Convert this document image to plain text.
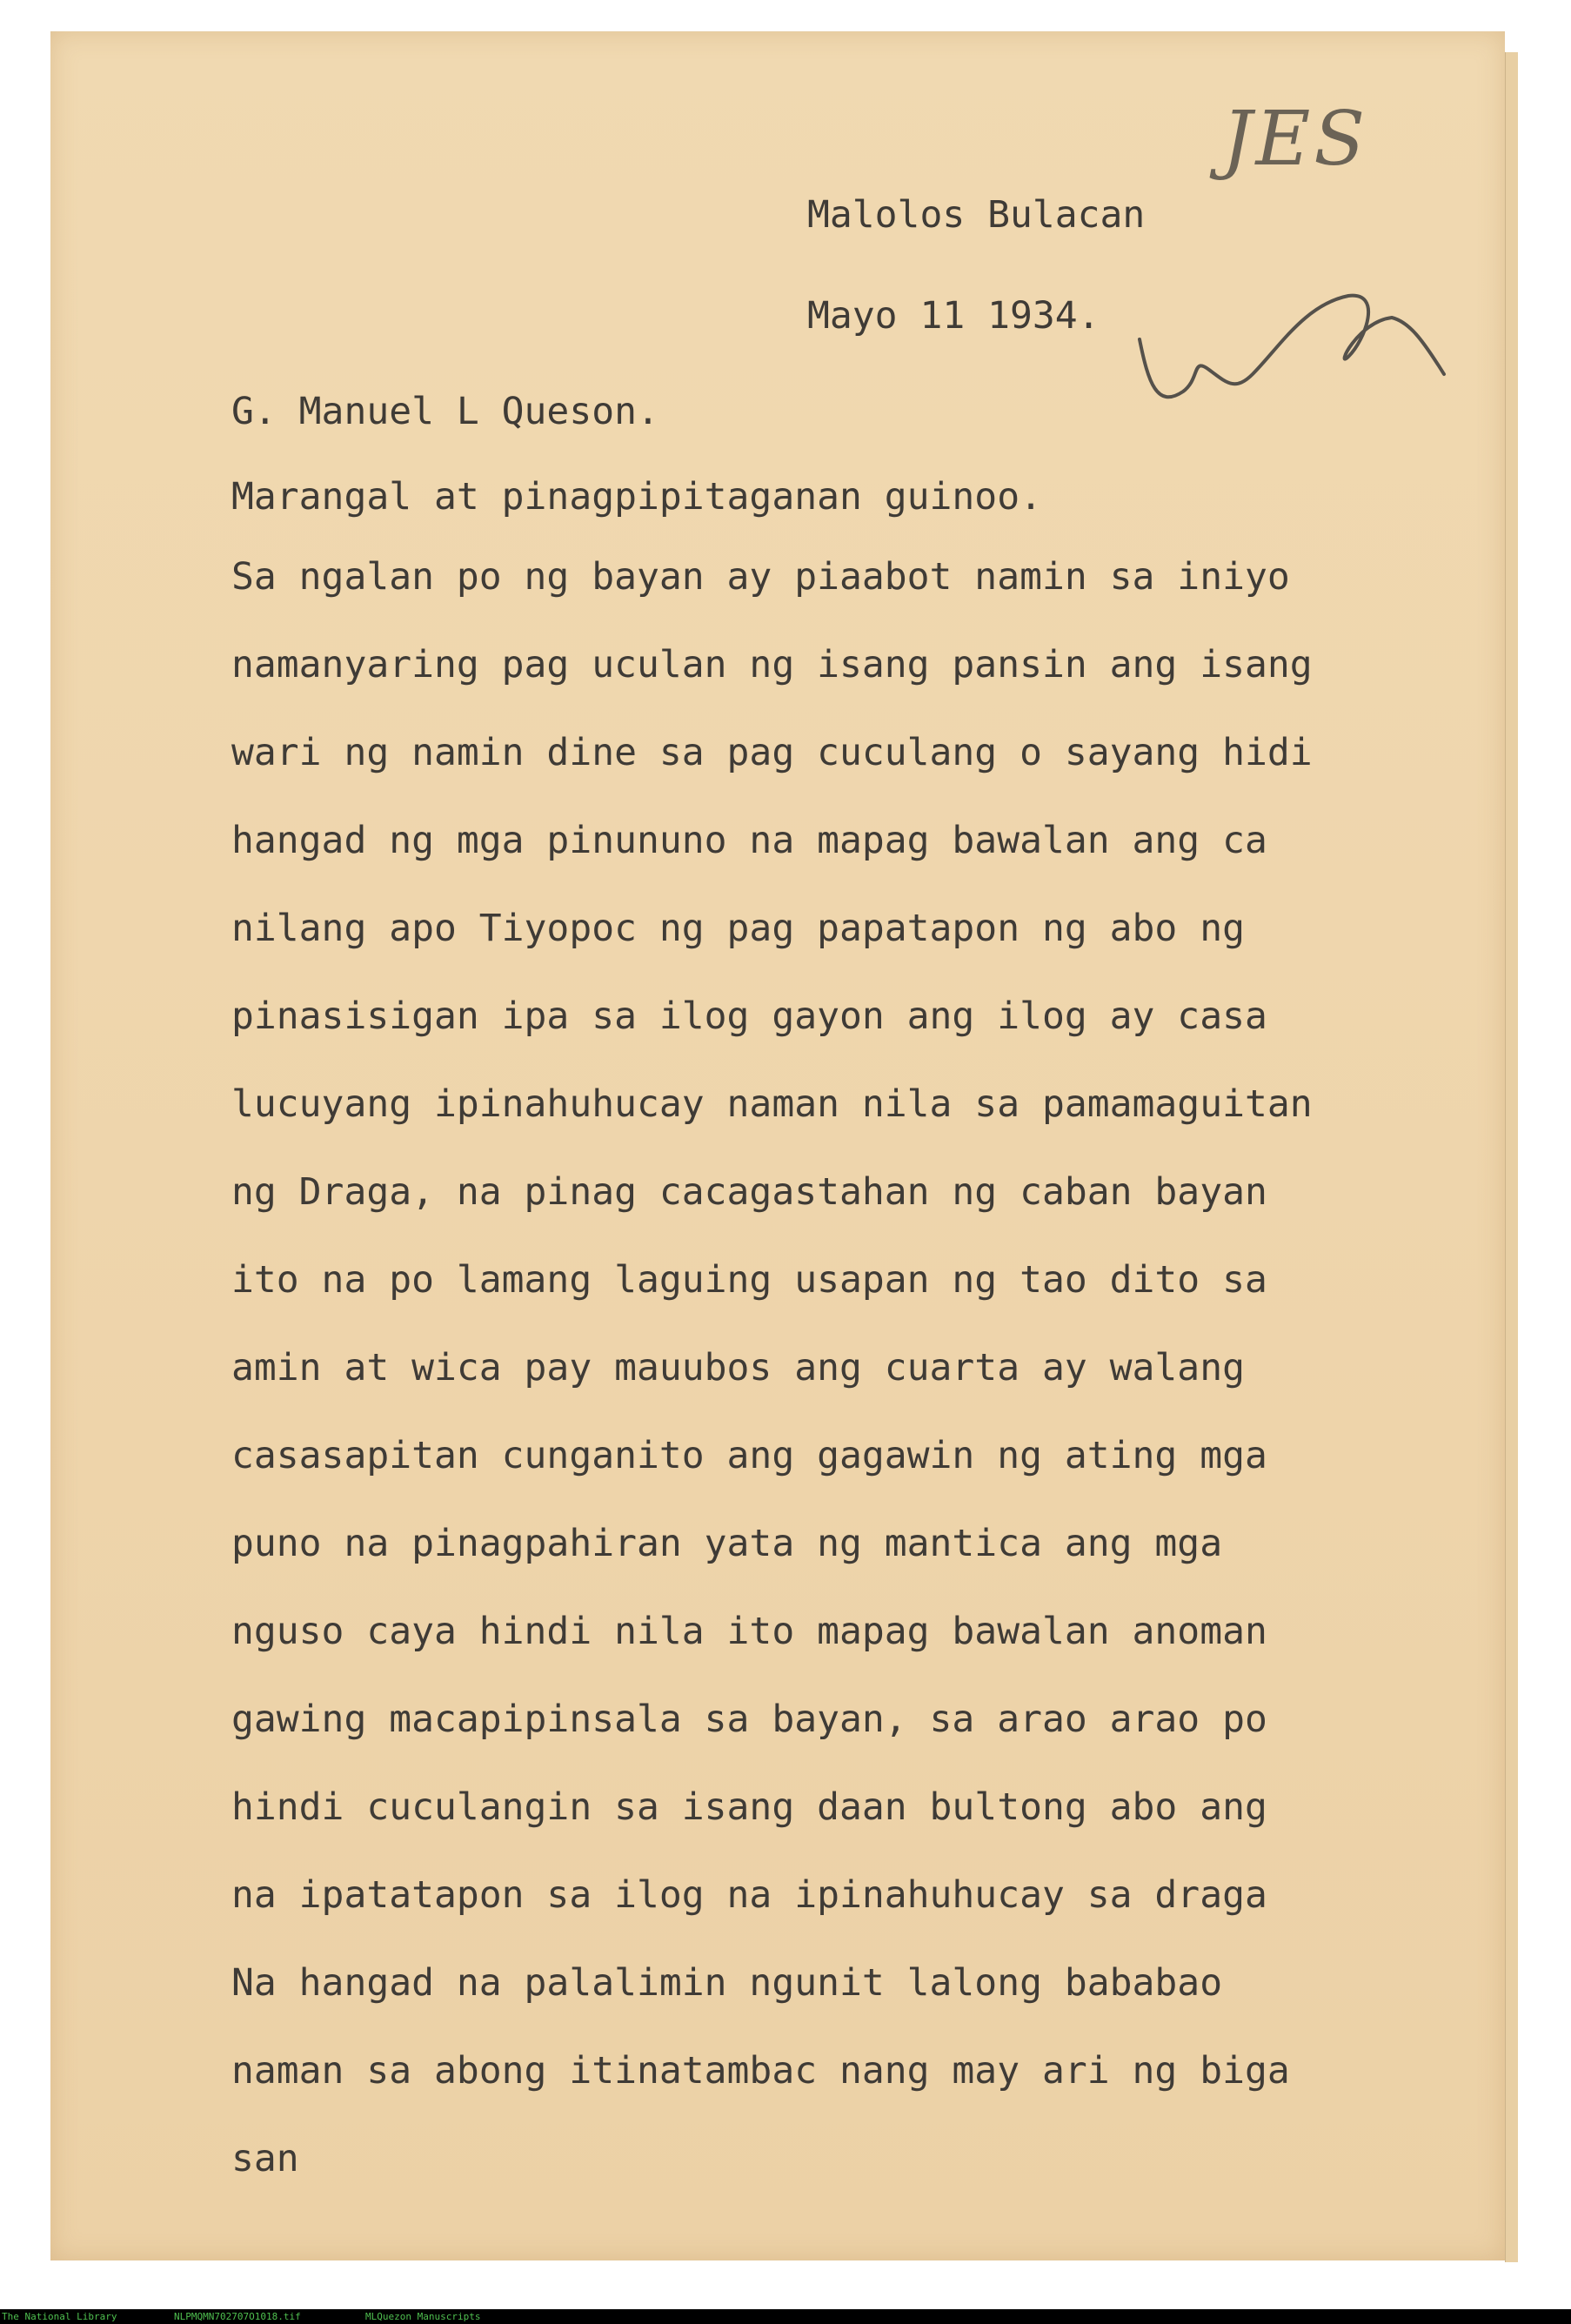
JES
Malolos Bulacan
Mayo 11 1934.
G. Manuel L Queson.
Marangal at pinagpipitaganan guinoo.
Sa ngalan po ng bayan ay piaabot namin sa iniyo
namanyaring pag uculan ng isang pansin ang isang
wari ng namin dine sa pag cuculang o sayang hidi
hangad ng mga pinununo na mapag bawalan ang ca
nilang apo Tiyopoc ng pag papatapon ng abo ng
pinasisigan ipa sa ilog gayon ang ilog ay casa
lucuyang ipinahuhucay naman nila sa pamamaguitan
ng Draga, na pinag cacagastahan ng caban bayan
ito na po lamang laguing usapan ng tao dito sa
amin at wica pay mauubos ang cuarta ay walang
casasapitan cunganito ang gagawin ng ating mga
puno na pinagpahiran yata ng mantica ang mga
nguso caya hindi nila ito mapag bawalan anoman
gawing macapipinsala sa bayan, sa arao arao po
hindi cuculangin sa isang daan bultong abo ang
na ipatatapon sa ilog na ipinahuhucay sa draga
Na hangad na palalimin ngunit lalong bababao
naman sa abong itinatambac nang may ari ng biga
san
The National Library	NLPMQMN702707O1018.tif	MLQuezon Manuscripts
